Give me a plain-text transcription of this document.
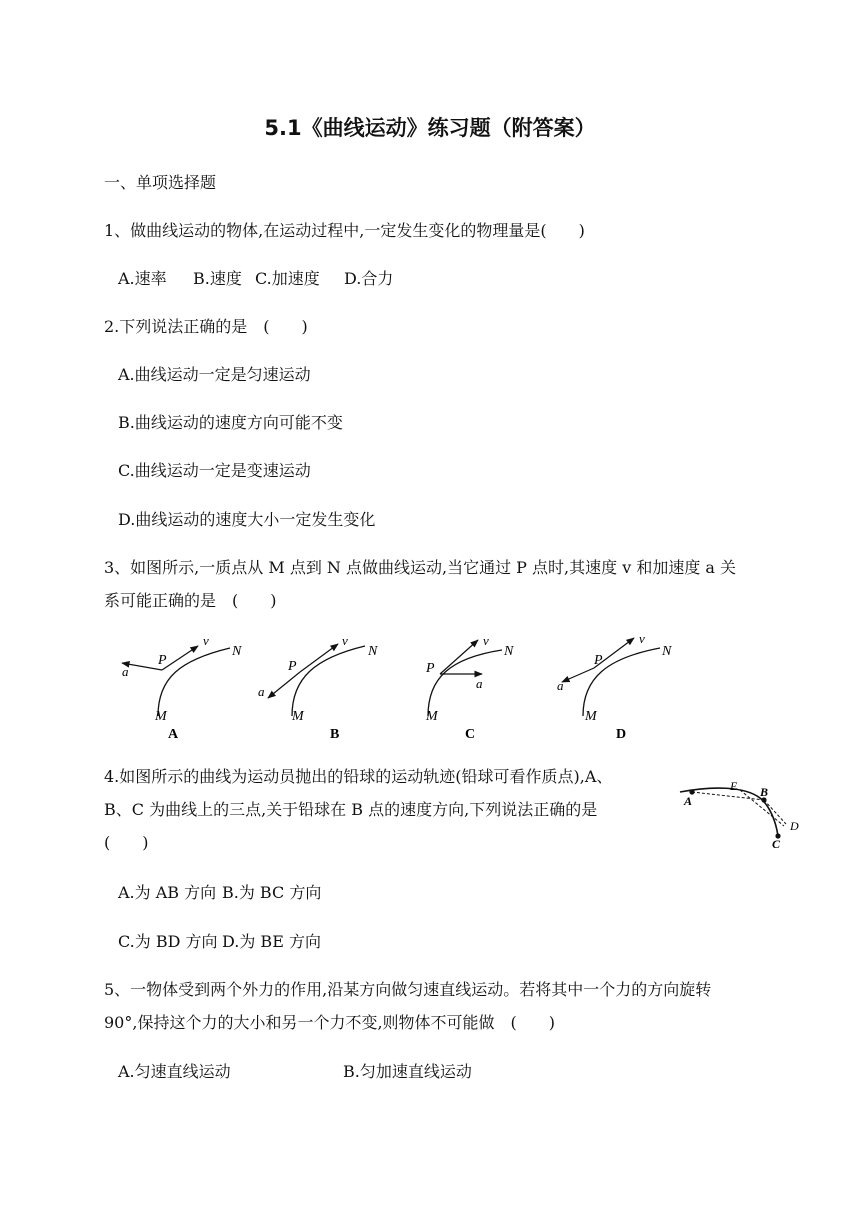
5.1《曲线运动》练习题（附答案）
一、单项选择题
1、做曲线运动的物体,在运动过程中,一定发生变化的物理量是(　　)
A.速率 B.速度 C.加速度 D.合力
2.下列说法正确的是　(　　)
A.曲线运动一定是匀速运动
B.曲线运动的速度方向可能不变
C.曲线运动一定是变速运动
D.曲线运动的速度大小一定发生变化
3、如图所示,一质点从 M 点到 N 点做曲线运动,当它通过 P 点时,其速度 v 和加速度 a 关
系可能正确的是　(　　)
P
v
N
a
M
A
P
v
N
a
M
B
P
v
N
a
M
C
P
v
N
a
M
D
4.如图所示的曲线为运动员抛出的铅球的运动轨迹(铅球可看作质点),A、
B、C 为曲线上的三点,关于铅球在 B 点的速度方向,下列说法正确的是
(　　)
A
E B
D
C
A.为 AB 方向 B.为 BC 方向
C.为 BD 方向 D.为 BE 方向
5、一物体受到两个外力的作用,沿某方向做匀速直线运动。若将其中一个力的方向旋转
90°,保持这个力的大小和另一个力不变,则物体不可能做　(　　)
A.匀速直线运动	B.匀加速直线运动
